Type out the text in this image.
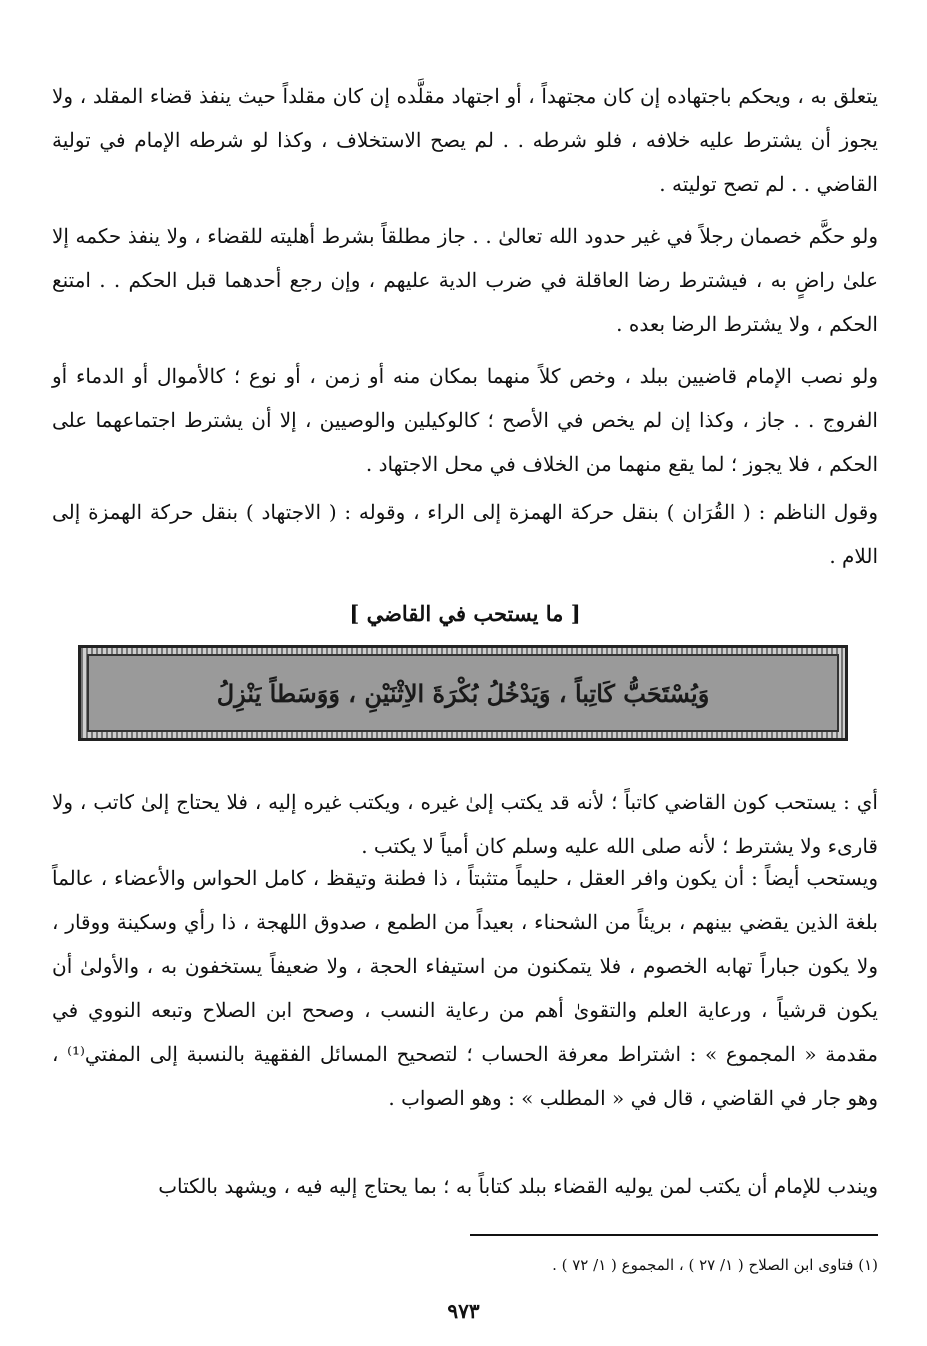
يتعلق به ، ويحكم باجتهاده إن كان مجتهداً ، أو اجتهاد مقلَّده إن كان مقلداً حيث ينفذ قضاء المقلد ، ولا يجوز أن يشترط عليه خلافه ، فلو شرطه . . لم يصح الاستخلاف ، وكذا لو شرطه الإمام في تولية القاضي . . لم تصح توليته .

ولو حكَّم خصمان رجلاً في غير حدود الله تعالىٰ . . جاز مطلقاً بشرط أهليته للقضاء ، ولا ينفذ حكمه إلا علىٰ راضٍ به ، فيشترط رضا العاقلة في ضرب الدية عليهم ، وإن رجع أحدهما قبل الحكم . . امتنع الحكم ، ولا يشترط الرضا بعده .

ولو نصب الإمام قاضيين ببلد ، وخص كلاً منهما بمكان منه أو زمن ، أو نوع ؛ كالأموال أو الدماء أو الفروج . . جاز ، وكذا إن لم يخص في الأصح ؛ كالوكيلين والوصيين ، إلا أن يشترط اجتماعهما على الحكم ، فلا يجوز ؛ لما يقع منهما من الخلاف في محل الاجتهاد .

وقول الناظم : ( القُرَان ) بنقل حركة الهمزة إلى الراء ، وقوله : ( الاجتهاد ) بنقل حركة الهمزة إلى اللام .

[ ما يستحب في القاضي ]

وَيُسْتَحَبُّ كَاتِباً ، وَيَدْخُلُ بُكْرَةَ الاِثْنَيْنِ ، وَوَسَطاً يَنْزِلُ

أي : يستحب كون القاضي كاتباً ؛ لأنه قد يكتب إلىٰ غيره ، ويكتب غيره إليه ، فلا يحتاج إلىٰ كاتب ، ولا قارىء ولا يشترط ؛ لأنه صلى الله عليه وسلم كان أمياً لا يكتب .

ويستحب أيضاً : أن يكون وافر العقل ، حليماً متثبتاً ، ذا فطنة وتيقظ ، كامل الحواس والأعضاء ، عالماً بلغة الذين يقضي بينهم ، بريئاً من الشحناء ، بعيداً من الطمع ، صدوق اللهجة ، ذا رأي وسكينة ووقار ، ولا يكون جباراً تهابه الخصوم ، فلا يتمكنون من استيفاء الحجة ، ولا ضعيفاً يستخفون به ، والأولىٰ أن يكون قرشياً ، ورعاية العلم والتقوىٰ أهم من رعاية النسب ، وصحح ابن الصلاح وتبعه النووي في مقدمة « المجموع » : اشتراط معرفة الحساب ؛ لتصحيح المسائل الفقهية بالنسبة إلى المفتي⁽¹⁾ ، وهو جار في القاضي ، قال في « المطلب » : وهو الصواب .

ويندب للإمام أن يكتب لمن يوليه القضاء ببلد كتاباً به ؛ بما يحتاج إليه فيه ، ويشهد بالكتاب

(١) فتاوى ابن الصلاح ( ١/ ٢٧ ) ، المجموع ( ١/ ٧٢ ) .

٩٧٣
